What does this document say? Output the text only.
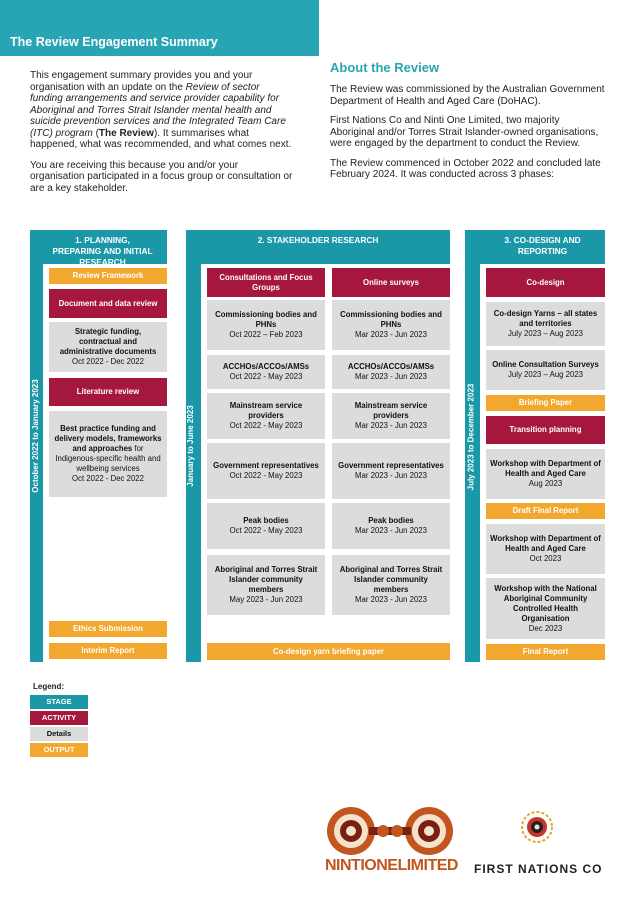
The Review Engagement Summary

This engagement summary provides you and your organisation with an update on the Review of sector funding arrangements and service provider capability for Aboriginal and Torres Strait Islander mental health and suicide prevention services and the Integrated Team Care (ITC) program (The Review). It summarises what happened, what was recommended, and what comes next.

You are receiving this because you and/or your organisation participated in a focus group or consultation or are a key stakeholder.

About the Review

The Review was commissioned by the Australian Government Department of Health and Aged Care (DoHAC).

First Nations Co and Ninti One Limited, two majority Aboriginal and/or Torres Strait Islander-owned organisations, were engaged by the department to conduct the Review.

The Review commenced in October 2022 and concluded late February 2024. It was conducted across 3 phases:

1. PLANNING, PREPARING AND INITIAL RESEARCH
October 2022 to January 2023
Review Framework
Document and data review
Strategic funding, contractual and administrative documents
Oct 2022 - Dec 2022
Literature review
Best practice funding and delivery models, frameworks and approaches for Indigenous-specific health and wellbeing services
Oct 2022 - Dec 2022
Ethics Submission
Interim Report
2. STAKEHOLDER RESEARCH
January to June 2023
Consultations and Focus Groups
Online surveys
Commissioning bodies and PHNs
Oct 2022 – Feb 2023
ACCHOs/ACCOs/AMSs
Oct 2022 - May 2023
Mainstream service providers
Oct 2022 - May 2023
Government representatives
Oct 2022 - May 2023
Peak bodies
Oct 2022 - May 2023
Aboriginal and Torres Strait Islander community members
May 2023 - Jun 2023
Commissioning bodies and PHNs
Mar 2023 - Jun 2023
ACCHOs/ACCOs/AMSs
Mar 2023 - Jun 2023
Mainstream service providers
Mar 2023 - Jun 2023
Government representatives
Mar 2023 - Jun 2023
Peak bodies
Mar 2023 - Jun 2023
Aboriginal and Torres Strait Islander community members
Mar 2023 - Jun 2023
Co-design yarn briefing paper
3. CO-DESIGN AND REPORTING
July 2023 to December 2023
Co-design
Co-design Yarns – all states and territories
July 2023 – Aug 2023
Online Consultation Surveys
July 2023 – Aug 2023
Briefing Paper
Transition planning
Workshop with Department of Health and Aged Care
Aug 2023
Draft Final Report
Workshop with Department of Health and Aged Care
Oct 2023
Workshop with the National Aboriginal Community Controlled Health Organisation
Dec 2023
Final Report
Legend:
STAGE
ACTIVITY
Details
OUTPUT
NINTIONELIMITED FIRST NATIONS CO
